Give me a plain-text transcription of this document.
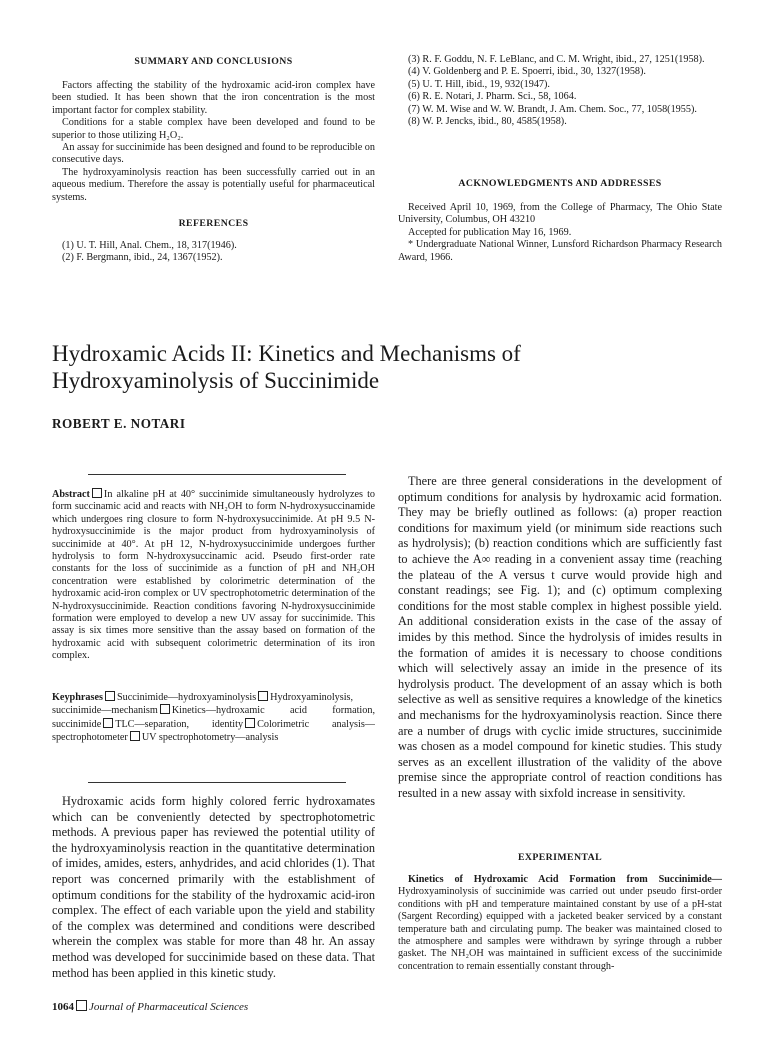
SUMMARY AND CONCLUSIONS

Factors affecting the stability of the hydroxamic acid-iron complex have been studied. It has been shown that the iron concentration is the most important factor for complex stability.

Conditions for a stable complex have been developed and found to be superior to those utilizing H₂O₂.

An assay for succinimide has been designed and found to be reproducible on consecutive days.

The hydroxyaminolysis reaction has been successfully carried out in an aqueous medium. Therefore the assay is potentially useful for pharmaceutical systems.

REFERENCES

(1) U. T. Hill, Anal. Chem., 18, 317(1946).

(2) F. Bergmann, ibid., 24, 1367(1952).

(3) R. F. Goddu, N. F. LeBlanc, and C. M. Wright, ibid., 27, 1251(1958).

(4) V. Goldenberg and P. E. Spoerri, ibid., 30, 1327(1958).

(5) U. T. Hill, ibid., 19, 932(1947).

(6) R. E. Notari, J. Pharm. Sci., 58, 1064.

(7) W. M. Wise and W. W. Brandt, J. Am. Chem. Soc., 77, 1058(1955).

(8) W. P. Jencks, ibid., 80, 4585(1958).

ACKNOWLEDGMENTS AND ADDRESSES

Received April 10, 1969, from the College of Pharmacy, The Ohio State University, Columbus, OH 43210

Accepted for publication May 16, 1969.

* Undergraduate National Winner, Lunsford Richardson Pharmacy Research Award, 1966.

Hydroxamic Acids II: Kinetics and Mechanisms of Hydroxyaminolysis of Succinimide
ROBERT E. NOTARI

Abstract In alkaline pH at 40° succinimide simultaneously hydrolyzes to form succinamic acid and reacts with NH₂OH to form N-hydroxysuccinamide which undergoes ring closure to form N-hydroxysuccinimide. At pH 9.5 N-hydroxysuccinimide is the major product from hydroxyaminolysis of succinimide at 40°. At pH 12, N-hydroxysuccinimide undergoes further hydrolysis to form N-hydroxysuccinamic acid. Pseudo first-order rate constants for the loss of succinimide as a function of pH and NH₂OH concentration were established by colorimetric determination of the hydroxamic acid-iron complex or UV spectrophotometric determination of the N-hydroxysuccinimide. Reaction conditions favoring N-hydroxysuccinimide formation were employed to develop a new UV assay for succinimide. This assay is six times more sensitive than the assay based on formation of the hydroxamic acid with subsequent colorimetric determination of its iron complex.

Keyphrases Succinimide—hydroxyaminolysis Hydroxyaminolysis, succinimide—mechanism Kinetics—hydroxamic acid formation, succinimide TLC—separation, identity Colorimetric analysis—spectrophotometer UV spectrophotometry—analysis

Hydroxamic acids form highly colored ferric hydroxamates which can be conveniently detected by spectrophotometric methods. A previous paper has reviewed the potential utility of the hydroxyaminolysis reaction in the quantitative determination of imides, amides, esters, anhydrides, and acid chlorides (1). That report was concerned primarily with the establishment of optimum conditions for the stability of the hydroxamic acid-iron complex. The effect of each variable upon the yield and stability of the complex was determined and conditions were described wherein the complex was stable for more than 48 hr. An assay method was developed for succinimide based on these data. That method has been applied in this kinetic study.

There are three general considerations in the development of optimum conditions for analysis by hydroxamic acid formation. They may be briefly outlined as follows: (a) proper reaction conditions for maximum yield (or minimum side reactions such as hydrolysis); (b) reaction conditions which are sufficiently fast to achieve the A∞ reading in a convenient assay time (reaching the plateau of the A versus t curve would provide high and constant readings; see Fig. 1); and (c) optimum complexing conditions for the most stable complex in highest possible yield. An additional consideration exists in the case of the assay of imides by this method. Since the hydrolysis of imides results in the formation of amides it is necessary to choose conditions which will selectively assay an imide in the presence of its hydrolysis product. The development of an assay which is both selective as well as sensitive requires a knowledge of the kinetics and mechanisms for the hydroxyaminolysis reaction. Since there are a number of drugs with cyclic imide structures, succinimide was chosen as a model compound for kinetic studies. This study serves as an excellent illustration of the validity of the above premise since the appropriate control of reaction conditions has resulted in a new assay with sixfold increase in sensitivity.

EXPERIMENTAL

Kinetics of Hydroxamic Acid Formation from Succinimide—Hydroxyaminolysis of succinimide was carried out under pseudo first-order conditions with pH and temperature maintained constant by use of a pH-stat (Sargent Recording) equipped with a jacketed beaker serviced by a constant temperature bath and circulating pump. The beaker was maintained closed to the atmosphere and samples were withdrawn by syringe through a rubber gasket. The NH₂OH was maintained in sufficient excess of the succinimide concentration to remain essentially constant through-

1064 Journal of Pharmaceutical Sciences
